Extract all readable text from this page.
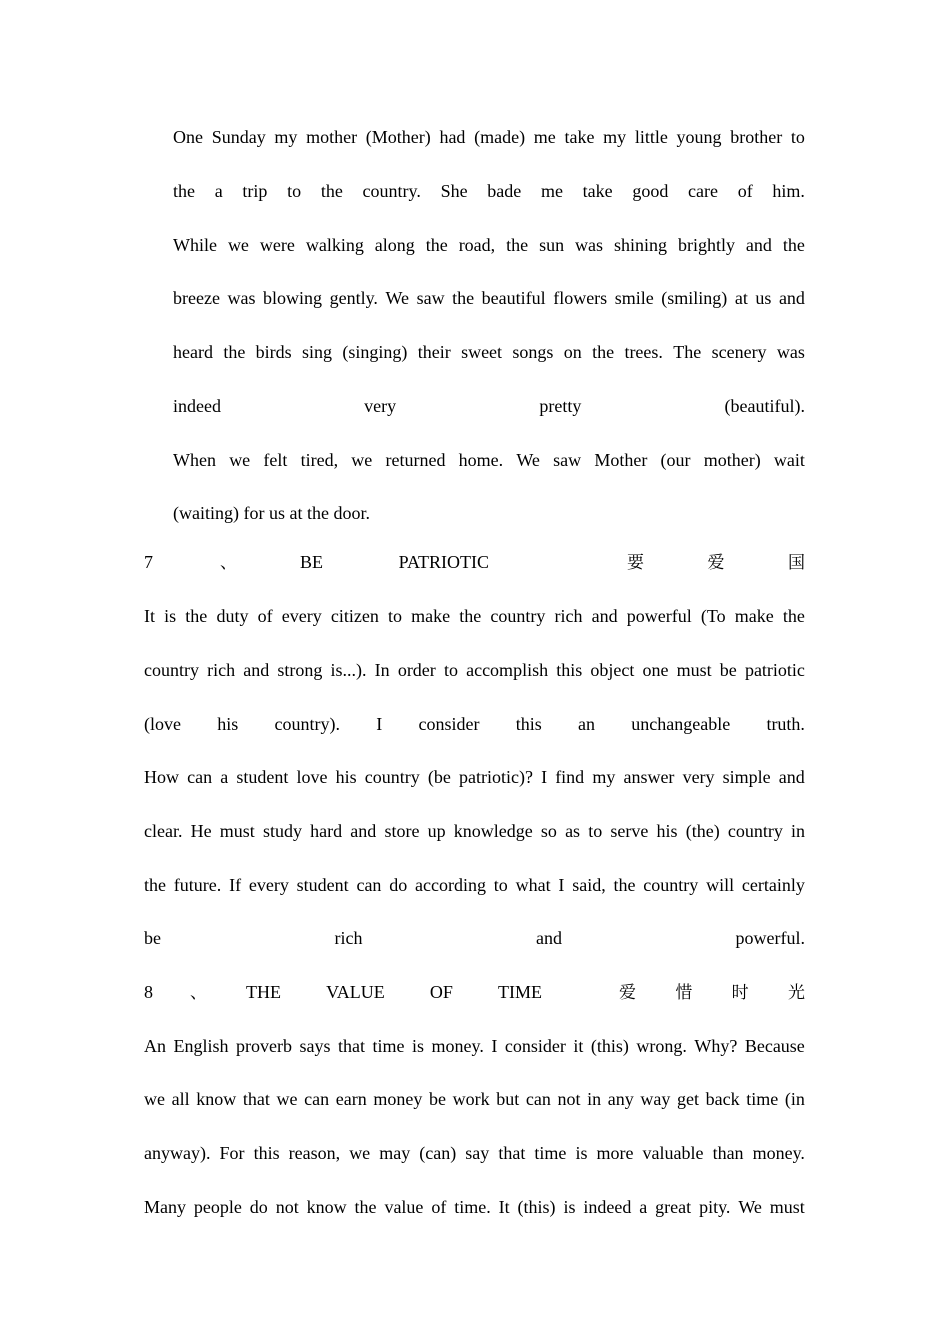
One Sunday my mother (Mother) had (made) me take my little young brother to
the a trip to the country. She bade me take good care of him.
While we were walking along the road, the sun was shining brightly and the
breeze was blowing gently. We saw the beautiful flowers smile (smiling) at us and
heard the birds sing (singing) their sweet songs on the trees. The scenery was
indeed	very	pretty	(beautiful).
When we felt tired, we returned home. We saw Mother (our mother) wait
(waiting) for us at the door.
7	、	BE	PATRIOTIC	要	爱	国
It is the duty of every citizen to make the country rich and powerful (To make the
country rich and strong is...). In order to accomplish this object one must be patriotic
(love his country). I consider this an unchangeable truth.
How can a student love his country (be patriotic)? I find my answer very simple and
clear. He must study hard and store up knowledge so as to serve his (the) country in
the future. If every student can do according to what I said, the country will certainly
be	rich	and	powerful.
8	、	THE	VALUE	OF	TIME	爱 惜 时 光
An English proverb says that time is money. I consider it (this) wrong. Why? Because
we all know that we can earn money be work but can not in any way get back time (in
anyway). For this reason, we may (can) say that time is more valuable than money.
Many people do not know the value of time. It (this) is indeed a great pity. We must
